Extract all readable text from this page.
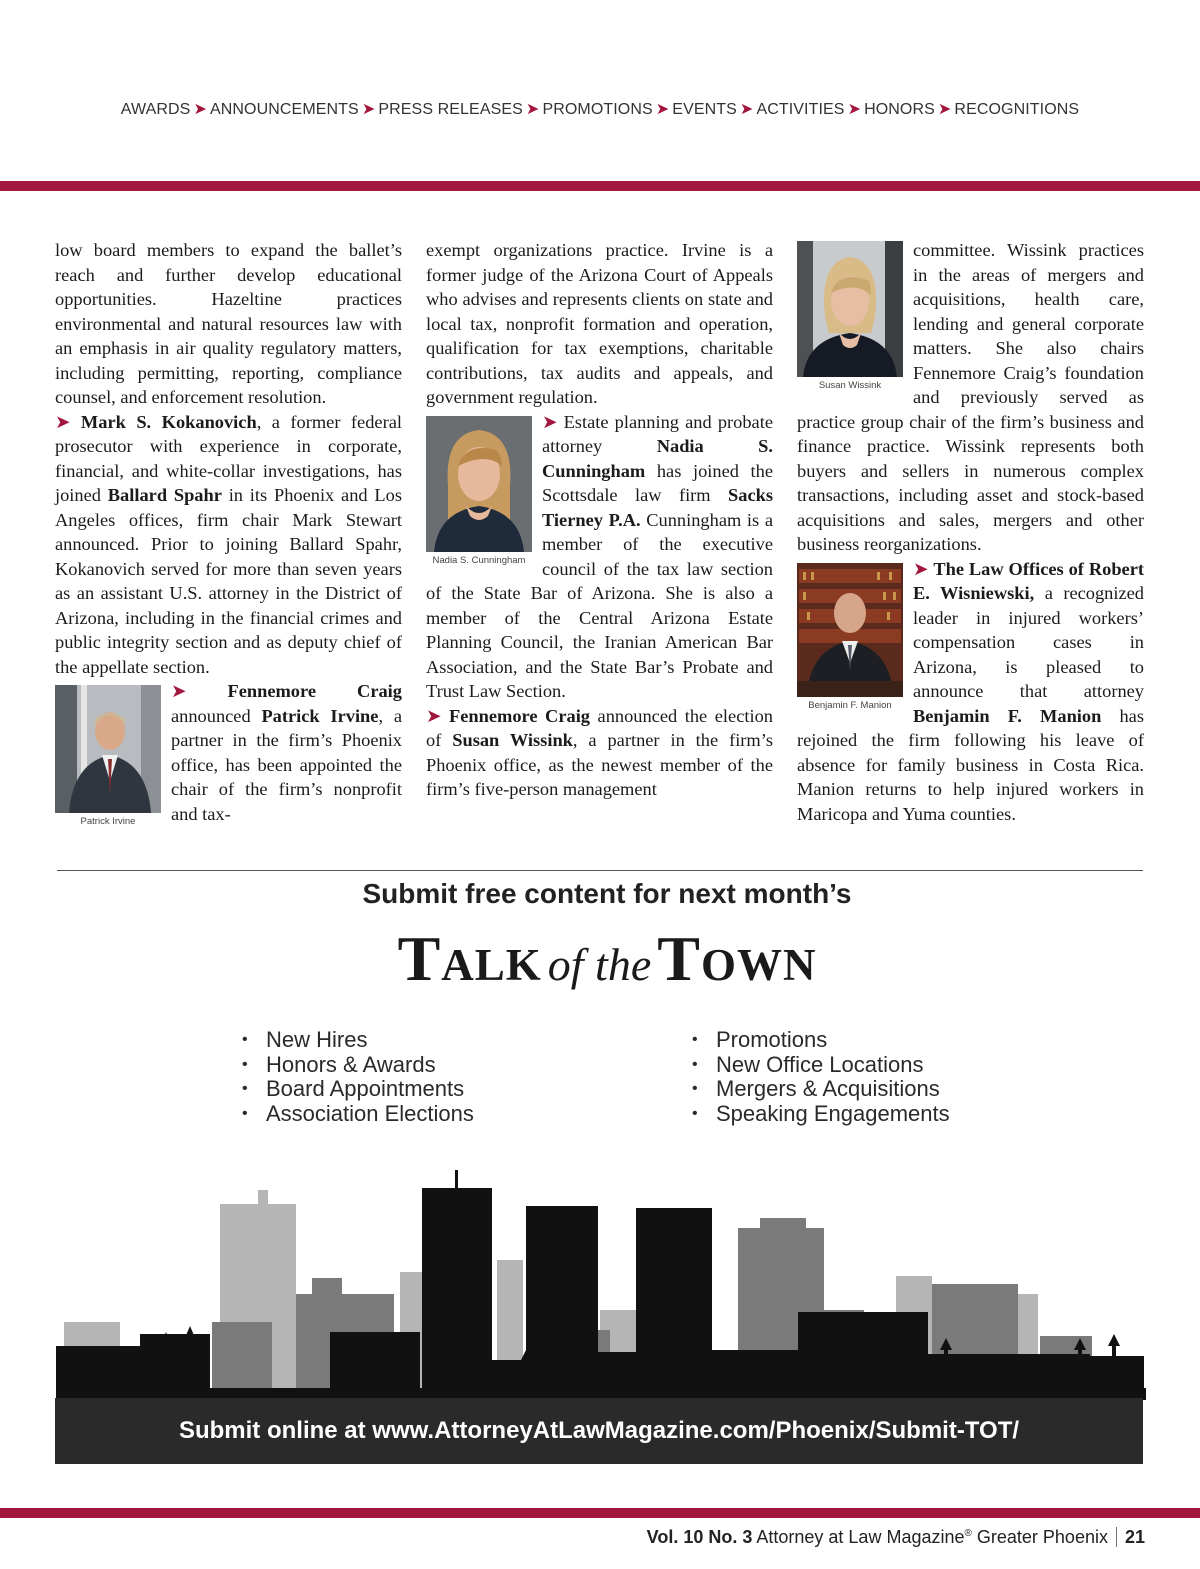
AWARDS ➤ ANNOUNCEMENTS ➤ PRESS RELEASES ➤ PROMOTIONS ➤ EVENTS ➤ ACTIVITIES ➤ HONORS ➤ RECOGNITIONS

low board members to expand the ballet’s reach and further develop educational opportunities. Hazeltine practices environmental and natural resources law with an emphasis in air quality regulatory matters, including permitting, reporting, compliance counsel, and enforcement resolution.

➤ Mark S. Kokanovich, a former federal prosecutor with experience in corporate, financial, and white-collar investigations, has joined Ballard Spahr in its Phoenix and Los Angeles offices, firm chair Mark Stewart announced. Prior to joining Ballard Spahr, Kokanovich served for more than seven years as an assistant U.S. attorney in the District of Arizona, including in the financial crimes and public integrity section and as deputy chief of the appellate section.

Patrick Irvine

➤ Fennemore Craig announced Patrick Irvine, a partner in the firm’s Phoenix office, has been appointed the chair of the firm’s nonprofit and tax-

exempt organizations practice. Irvine is a former judge of the Arizona Court of Appeals who advises and represents clients on state and local tax, nonprofit formation and operation, qualification for tax exemptions, charitable contributions, tax audits and appeals, and government regulation.

Nadia S. Cunningham

➤ Estate planning and probate attorney Nadia S. Cunningham has joined the Scottsdale law firm Sacks Tierney P.A. Cunningham is a member of the executive council of the tax law section of the State Bar of Arizona. She is also a member of the Central Arizona Estate Planning Council, the Iranian American Bar Association, and the State Bar’s Probate and Trust Law Section.

➤ Fennemore Craig announced the election of Susan Wissink, a partner in the firm’s Phoenix office, as the newest member of the firm’s five-person management

Susan Wissink

committee. Wissink practices in the areas of mergers and acquisitions, health care, lending and general corporate matters. She also chairs Fennemore Craig’s foundation and previously served as practice group chair of the firm’s business and finance practice. Wissink represents both buyers and sellers in numerous complex transactions, including asset and stock-based acquisitions and sales, mergers and other business reorganizations.

Benjamin F. Manion

➤ The Law Offices of Robert E. Wisniewski, a recognized leader in injured workers’ compensation cases in Arizona, is pleased to announce that attorney Benjamin F. Manion has rejoined the firm following his leave of absence for family business in Costa Rica. Manion returns to help injured workers in Maricopa and Yuma counties.

Submit free content for next month’s
Talk of theTown
• New Hires
• Honors & Awards
• Board Appointments
• Association Elections
• Promotions
• New Office Locations
• Mergers & Acquisitions
• Speaking Engagements
Submit online at www.AttorneyAtLawMagazine.com/Phoenix/Submit-TOT/
Vol. 10 No. 3 Attorney at Law Magazine® Greater Phoenix 21
